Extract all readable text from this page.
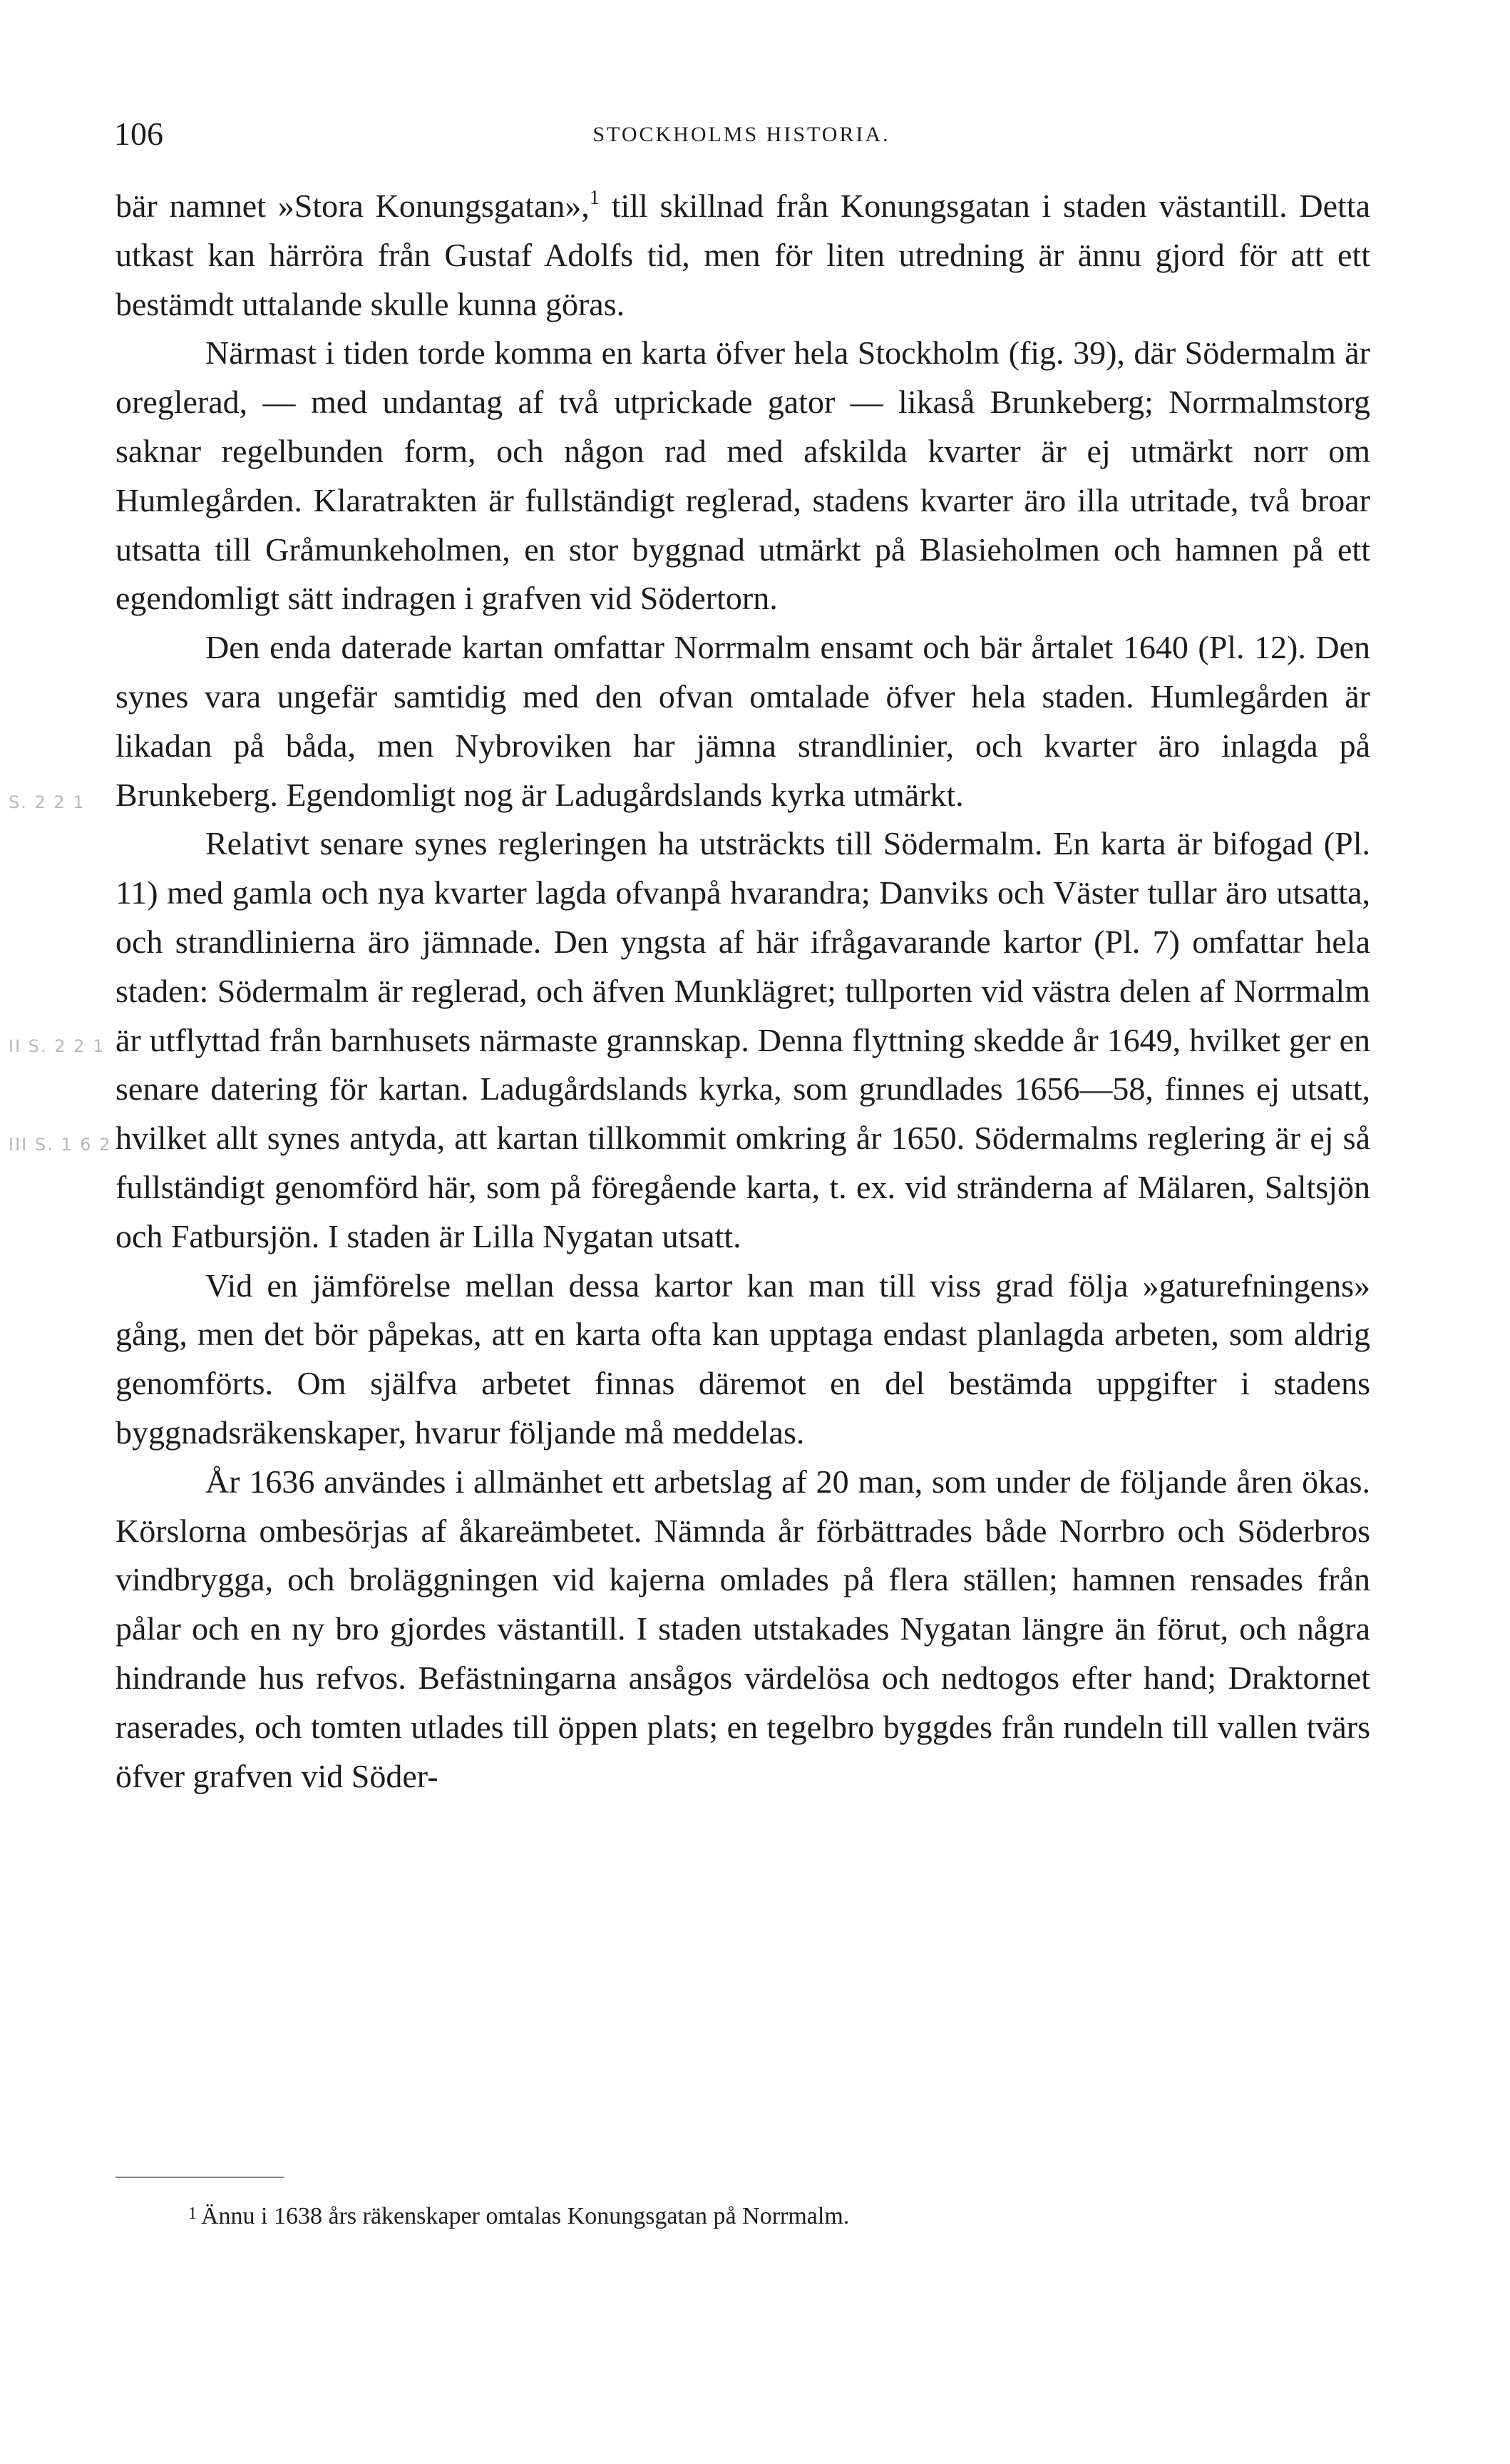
106	STOCKHOLMS HISTORIA.
S. 2 2 1
II S. 2 2 1
III S. 1 6 2

bär namnet »Stora Konungsgatan»,$^1$ till skillnad från Konungsgatan i staden västantill. Detta utkast kan härröra från Gustaf Adolfs tid, men för liten utredning är ännu gjord för att ett bestämdt uttalande skulle kunna göras.

Närmast i tiden torde komma en karta öfver hela Stockholm (fig. 39), där Södermalm är oreglerad, — med undantag af två utprickade gator — likaså Brunkeberg; Norrmalmstorg saknar regelbunden form, och någon rad med afskilda kvarter är ej utmärkt norr om Humlegården. Klaratrakten är fullständigt reglerad, stadens kvarter äro illa utritade, två broar utsatta till Gråmunkeholmen, en stor byggnad utmärkt på Blasieholmen och hamnen på ett egendomligt sätt indragen i grafven vid Södertorn.

Den enda daterade kartan omfattar Norrmalm ensamt och bär årtalet 1640 (Pl. 12). Den synes vara ungefär samtidig med den ofvan omtalade öfver hela staden. Humlegården är likadan på båda, men Nybroviken har jämna strandlinier, och kvarter äro inlagda på Brunkeberg. Egendomligt nog är Ladugårdslands kyrka utmärkt.

Relativt senare synes regleringen ha utsträckts till Södermalm. En karta är bifogad (Pl. 11) med gamla och nya kvarter lagda ofvanpå hvarandra; Danviks och Väster tullar äro utsatta, och strandlinierna äro jämnade. Den yngsta af här ifrågavarande kartor (Pl. 7) omfattar hela staden: Södermalm är reglerad, och äfven Munklägret; tullporten vid västra delen af Norrmalm är utflyttad från barnhusets närmaste grannskap. Denna flyttning skedde år 1649, hvilket ger en senare datering för kartan. Ladugårdslands kyrka, som grundlades 1656—58, finnes ej utsatt, hvilket allt synes antyda, att kartan tillkommit omkring år 1650. Södermalms reglering är ej så fullständigt genomförd här, som på föregående karta, t. ex. vid stränderna af Mälaren, Saltsjön och Fatbursjön. I staden är Lilla Nygatan utsatt.

Vid en jämförelse mellan dessa kartor kan man till viss grad följa »gaturefningens» gång, men det bör påpekas, att en karta ofta kan upptaga endast planlagda arbeten, som aldrig genomförts. Om själfva arbetet finnas däremot en del bestämda uppgifter i stadens byggnadsräkenskaper, hvarur följande må meddelas.

År 1636 användes i allmänhet ett arbetslag af 20 man, som under de följande åren ökas. Körslorna ombesörjas af åkareämbetet. Nämnda år förbättrades både Norrbro och Söderbros vindbrygga, och broläggningen vid kajerna omlades på flera ställen; hamnen rensades från pålar och en ny bro gjordes västantill. I staden utstakades Nygatan längre än förut, och några hindrande hus refvos. Befästningarna ansågos värdelösa och nedtogos efter hand; Draktornet raserades, och tomten utlades till öppen plats; en tegelbro byggdes från rundeln till vallen tvärs öfver grafven vid Söder-

1 Ännu i 1638 års räkenskaper omtalas Konungsgatan på Norrmalm.
